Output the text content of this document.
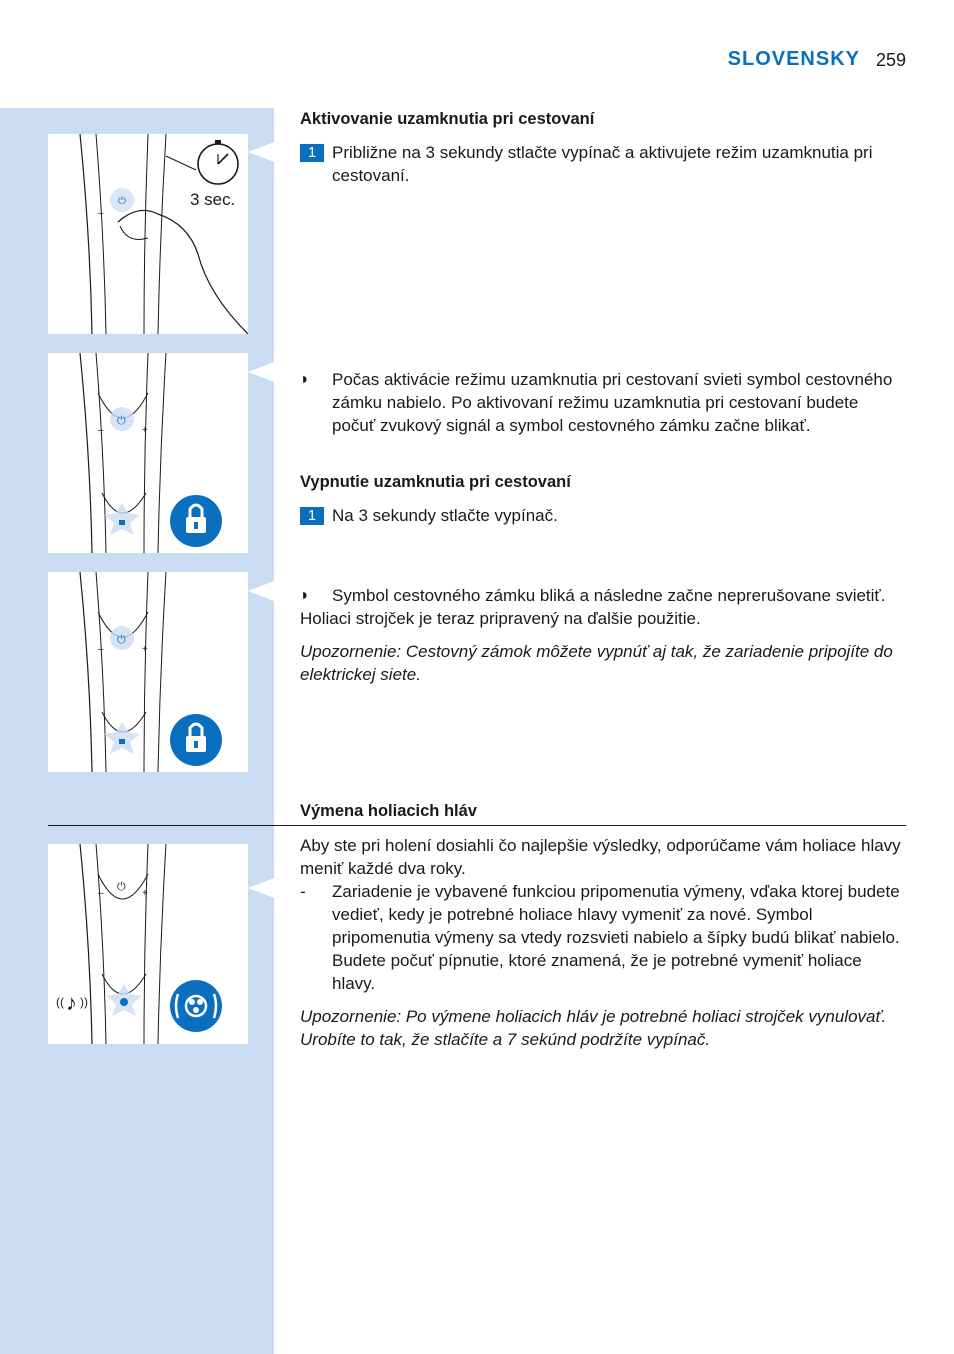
SLOVENSKY 259
⏻
–
3 sec.
⏻
–	+
⏻
–	+
⏻
–	+
(( ♪ ))
Aktivovanie uzamknutia pri cestovaní
1 Približne na 3 sekundy stlačte vypínač a aktivujete režim uzamknutia pri cestovaní.
◗	Počas aktivácie režimu uzamknutia pri cestovaní svieti symbol cestovného zámku nabielo. Po aktivovaní režimu uzamknutia pri cestovaní budete počuť zvukový signál a symbol cestovného zámku začne blikať.
Vypnutie uzamknutia pri cestovaní
1 Na 3 sekundy stlačte vypínač.
◗	Symbol cestovného zámku bliká a následne začne neprerušovane svietiť.
Holiaci strojček je teraz pripravený na ďalšie použitie.
Upozornenie: Cestovný zámok môžete vypnúť aj tak, že zariadenie pripojíte do elektrickej siete.
Výmena holiacich hláv
Aby ste pri holení dosiahli čo najlepšie výsledky, odporúčame vám holiace hlavy meniť každé dva roky.
-	Zariadenie je vybavené funkciou pripomenutia výmeny, vďaka ktorej budete vedieť, kedy je potrebné holiace hlavy vymeniť za nové. Symbol pripomenutia výmeny sa vtedy rozsvieti nabielo a šípky budú blikať nabielo. Budete počuť pípnutie, ktoré znamená, že je potrebné vymeniť holiace hlavy.
Upozornenie: Po výmene holiacich hláv je potrebné holiaci strojček vynulovať. Urobíte to tak, že stlačíte a 7 sekúnd podržíte vypínač.
